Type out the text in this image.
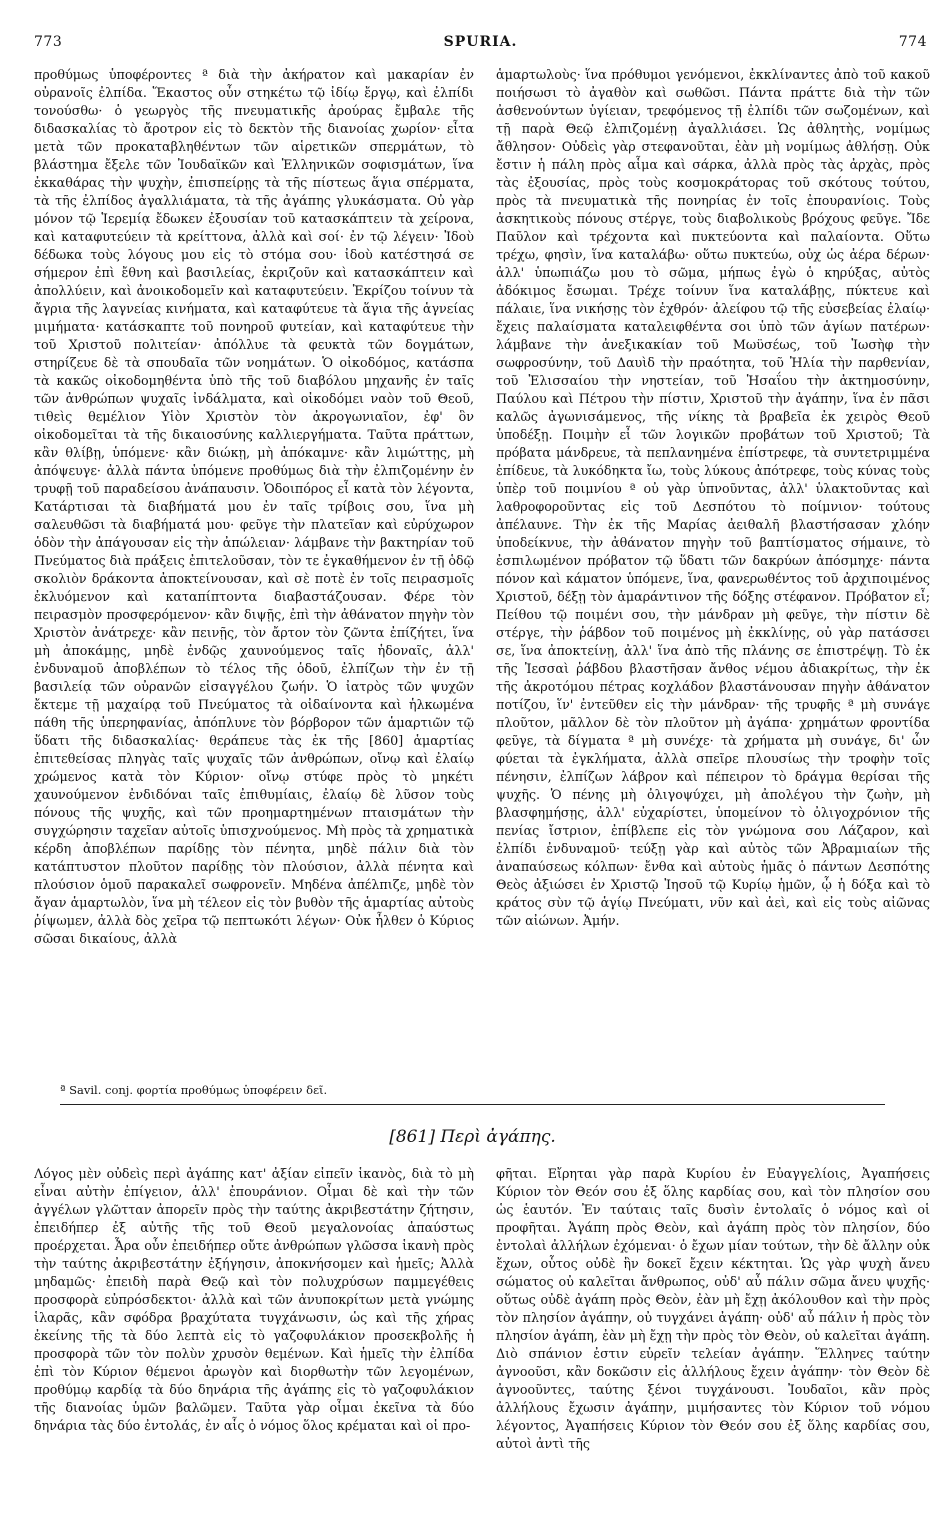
773	SPURIA.	774
προθύμως ὑποφέροντες ª διὰ τὴν ἀκήρατον καὶ μακαρίαν ἐν οὐρανοῖς ἐλπίδα. Ἕκαστος οὖν στηκέτω τῷ ἰδίῳ ἔργῳ, καὶ ἐλπίδι τονούσθω· ὁ γεωργὸς τῆς πνευματικῆς ἀρούρας ἔμβαλε τῆς διδασκαλίας τὸ ἄροτρον εἰς τὸ δεκτὸν τῆς διανοίας χωρίον· εἶτα μετὰ τῶν προκαταβληθέντων τῶν αἱρετικῶν σπερμάτων, τὸ βλάστημα ἔξελε τῶν Ἰουδαϊκῶν καὶ Ἑλληνικῶν σοφισμάτων, ἵνα ἐκκαθάρας τὴν ψυχὴν, ἐπισπείρῃς τὰ τῆς πίστεως ἅγια σπέρματα, τὰ τῆς ἐλπίδος ἀγαλλιάματα, τὰ τῆς ἀγάπης γλυκάσματα. Οὐ γὰρ μόνον τῷ Ἱερεμίᾳ ἔδωκεν ἐξουσίαν τοῦ κατασκάπτειν τὰ χείρονα, καὶ καταφυτεύειν τὰ κρείττονα, ἀλλὰ καὶ σοί· ἐν τῷ λέγειν· Ἰδοὺ δέδωκα τοὺς λόγους μου εἰς τὸ στόμα σου· ἰδοὺ κατέστησά σε σήμερον ἐπὶ ἔθνη καὶ βασιλείας, ἐκριζοῦν καὶ κατασκάπτειν καὶ ἀπολλύειν, καὶ ἀνοικοδομεῖν καὶ καταφυτεύειν. Ἐκρίζου τοίνυν τὰ ἄγρια τῆς λαγνείας κινήματα, καὶ καταφύτευε τὰ ἅγια τῆς ἁγνείας μιμήματα· κατάσκαπτε τοῦ πονηροῦ φυτείαν, καὶ καταφύτευε τὴν τοῦ Χριστοῦ πολιτείαν· ἀπόλλυε τὰ φευκτὰ τῶν δογμάτων, στηρίζευε δὲ τὰ σπουδαῖα τῶν νοημάτων. Ὁ οἰκοδόμος, κατάσπα τὰ κακῶς οἰκοδομηθέντα ὑπὸ τῆς τοῦ διαβόλου μηχανῆς ἐν ταῖς τῶν ἀνθρώπων ψυχαῖς ἰνδάλματα, καὶ οἰκοδόμει ναὸν τοῦ Θεοῦ, τιθεὶς θεμέλιον Υἱὸν Χριστὸν τὸν ἀκρογωνιαῖον, ἐφ' ὃν οἰκοδομεῖται τὰ τῆς δικαιοσύνης καλλιεργήματα. Ταῦτα πράττων, κἂν θλίβῃ, ὑπόμενε· κἂν διώκῃ, μὴ ἀπόκαμνε· κἂν λιμώττῃς, μὴ ἀπόψευγε· ἀλλὰ πάντα ὑπόμενε προθύμως διὰ τὴν ἐλπιζομένην ἐν τρυφῇ τοῦ παραδείσου ἀνάπαυσιν. Ὁδοιπόρος εἶ κατὰ τὸν λέγοντα, Κατάρτισαι τὰ διαβήματά μου ἐν ταῖς τρίβοις σου, ἵνα μὴ σαλευθῶσι τὰ διαβήματά μου· φεῦγε τὴν πλατεῖαν καὶ εὐρύχωρον ὁδὸν τὴν ἀπάγουσαν εἰς τὴν ἀπώλειαν· λάμβανε τὴν βακτηρίαν τοῦ Πνεύματος διὰ πράξεις ἐπιτελοῦσαν, τὸν τε ἐγκαθήμενον ἐν τῇ ὁδῷ σκολιὸν δράκοντα ἀποκτείνουσαν, καὶ σὲ ποτὲ ἐν τοῖς πειρασμοῖς ἐκλυόμενον καὶ καταπίπτοντα διαβαστάζουσαν. Φέρε τὸν πειρασμὸν προσφερόμενον· κἂν διψῇς, ἐπὶ τὴν ἀθάνατον πηγὴν τὸν Χριστὸν ἀνάτρεχε· κἂν πεινῇς, τὸν ἄρτον τὸν ζῶντα ἐπίζήτει, ἵνα μὴ ἀποκάμῃς, μηδὲ ἐνδῷς χαυνούμενος ταῖς ἡδοναῖς, ἀλλ' ἐνδυναμοῦ ἀποβλέπων τὸ τέλος τῆς ὁδοῦ, ἐλπίζων τὴν ἐν τῇ βασιλείᾳ τῶν οὐρανῶν εἰσαγγέλου ζωήν. Ὁ ἰατρὸς τῶν ψυχῶν ἔκτεμε τῇ μαχαίρᾳ τοῦ Πνεύματος τὰ οἰδαίνοντα καὶ ἡλκωμένα πάθη τῆς ὑπερηφανίας, ἀπόπλυνε τὸν βόρβορον τῶν ἁμαρτιῶν τῷ ὕδατι τῆς διδασκαλίας· θεράπευε τὰς ἐκ τῆς [860] ἁμαρτίας ἐπιτεθείσας πληγὰς ταῖς ψυχαῖς τῶν ἀνθρώπων, οἴνῳ καὶ ἐλαίῳ χρώμενος κατὰ τὸν Κύριον· οἴνῳ στύφε πρὸς τὸ μηκέτι χαυνούμενον ἐνδιδόναι ταῖς ἐπιθυμίαις, ἐλαίῳ δὲ λῦσον τοὺς πόνους τῆς ψυχῆς, καὶ τῶν προημαρτημένων πταισμάτων τὴν συγχώρησιν ταχεῖαν αὐτοῖς ὑπισχνούμενος. Μὴ πρὸς τὰ χρηματικὰ κέρδη ἀποβλέπων παρίδῃς τὸν πένητα, μηδὲ πάλιν διὰ τὸν κατάπτυστον πλοῦτον παρίδῃς τὸν πλούσιον, ἀλλὰ πένητα καὶ πλούσιον ὁμοῦ παρακαλεῖ σωφρονεῖν. Μηδένα ἀπέλπιζε, μηδὲ τὸν ἄγαν ἁμαρτωλὸν, ἵνα μὴ τέλεον εἰς τὸν βυθὸν τῆς ἁμαρτίας αὐτοὺς ῥίψωμεν, ἀλλὰ δὸς χεῖρα τῷ πεπτωκότι λέγων· Οὐκ ἦλθεν ὁ Κύριος σῶσαι δικαίους, ἀλλὰ
ἁμαρτωλοὺς· ἵνα πρόθυμοι γενόμενοι, ἐκκλίναντες ἀπὸ τοῦ κακοῦ ποιήσωσι τὸ ἀγαθὸν καὶ σωθῶσι. Πάντα πράττε διὰ τὴν τῶν ἀσθενούντων ὑγίειαν, τρεφόμενος τῇ ἐλπίδι τῶν σωζομένων, καὶ τῇ παρὰ Θεῷ ἐλπιζομένῃ ἀγαλλιάσει. Ὡς ἀθλητὴς, νομίμως ἄθλησον· Οὐδεὶς γὰρ στεφανοῦται, ἐὰν μὴ νομίμως ἀθλήσῃ. Οὐκ ἔστιν ἡ πάλη πρὸς αἷμα καὶ σάρκα, ἀλλὰ πρὸς τὰς ἀρχὰς, πρὸς τὰς ἐξουσίας, πρὸς τοὺς κοσμοκράτορας τοῦ σκότους τούτου, πρὸς τὰ πνευματικὰ τῆς πονηρίας ἐν τοῖς ἐπουρανίοις. Τοὺς ἀσκητικοὺς πόνους στέργε, τοὺς διαβολικοὺς βρόχους φεῦγε. Ἴδε Παῦλον καὶ τρέχοντα καὶ πυκτεύοντα καὶ παλαίοντα. Οὕτω τρέχω, φησὶν, ἵνα καταλάβω· οὕτω πυκτεύω, οὐχ ὡς ἀέρα δέρων· ἀλλ' ὑπωπιάζω μου τὸ σῶμα, μήπως ἐγὼ ὁ κηρύξας, αὐτὸς ἀδόκιμος ἔσωμαι. Τρέχε τοίνυν ἵνα καταλάβῃς, πύκτευε καὶ πάλαιε, ἵνα νικήσῃς τὸν ἐχθρόν· ἀλείφου τῷ τῆς εὐσεβείας ἐλαίῳ· ἔχεις παλαίσματα καταλειφθέντα σοι ὑπὸ τῶν ἁγίων πατέρων· λάμβανε τὴν ἀνεξικακίαν τοῦ Μωϋσέως, τοῦ Ἰωσὴφ τὴν σωφροσύνην, τοῦ Δαυὶδ τὴν πραότητα, τοῦ Ἠλία τὴν παρθενίαν, τοῦ Ἐλισσαίου τὴν νηστείαν, τοῦ Ἡσαΐου τὴν ἀκτημοσύνην, Παύλου καὶ Πέτρου τὴν πίστιν, Χριστοῦ τὴν ἀγάπην, ἵνα ἐν πᾶσι καλῶς ἀγωνισάμενος, τῆς νίκης τὰ βραβεῖα ἐκ χειρὸς Θεοῦ ὑποδέξῃ. Ποιμὴν εἶ τῶν λογικῶν προβάτων τοῦ Χριστοῦ; Τὰ πρόβατα μάνδρευε, τὰ πεπλανημένα ἐπίστρεφε, τὰ συντετριμμένα ἐπίδευε, τὰ λυκόδηκτα ἴω, τοὺς λύκους ἀπότρεφε, τοὺς κύνας τοὺς ὑπὲρ τοῦ ποιμνίου ª οὐ γὰρ ὑπνοῦντας, ἀλλ' ὑλακτοῦντας καὶ λαθροφοροῦντας εἰς τοῦ Δεσπότου τὸ ποίμνιον· τούτους ἀπέλαυνε. Τὴν ἐκ τῆς Μαρίας ἀειθαλῆ βλαστήσασαν χλόην ὑποδείκνυε, τὴν ἀθάνατον πηγὴν τοῦ βαπτίσματος σήμαινε, τὸ ἐσπιλωμένον πρόβατον τῷ ὕδατι τῶν δακρύων ἀπόσμηχε· πάντα πόνον καὶ κάματον ὑπόμενε, ἵνα, φανερωθέντος τοῦ ἀρχιποιμένος Χριστοῦ, δέξῃ τὸν ἀμαράντινον τῆς δόξης στέφανον. Πρόβατον εἶ; Πείθου τῷ ποιμένι σου, τὴν μάνδραν μὴ φεῦγε, τὴν πίστιν δὲ στέργε, τὴν ῥάβδον τοῦ ποιμένος μὴ ἐκκλίνῃς, οὐ γὰρ πατάσσει σε, ἵνα ἀποκτείνῃ, ἀλλ' ἵνα ἀπὸ τῆς πλάνης σε ἐπιστρέψῃ. Τὸ ἐκ τῆς Ἰεσσαὶ ῥάβδου βλαστῆσαν ἄνθος νέμου ἀδιακρίτως, τὴν ἐκ τῆς ἀκροτόμου πέτρας κοχλάδον βλαστάνουσαν πηγὴν ἀθάνατον ποτίζου, ἵν' ἐντεῦθεν εἰς τὴν μάνδραν· τῆς τρυφῆς ª μὴ συνάγε πλοῦτον, μᾶλλον δὲ τὸν πλοῦτον μὴ ἀγάπα· χρημάτων φροντίδα φεῦγε, τὰ δίγματα ª μὴ συνέχε· τὰ χρήματα μὴ συνάγε, δι' ὧν φύεται τὰ ἐγκλήματα, ἀλλὰ σπεῖρε πλουσίως τὴν τροφὴν τοῖς πένησιν, ἐλπίζων λάβρον καὶ πέπειρον τὸ δράγμα θερίσαι τῆς ψυχῆς. Ὁ πένης μὴ ὀλιγοψύχει, μὴ ἀπολέγου τὴν ζωὴν, μὴ βλασφημήσῃς, ἀλλ' εὐχαρίστει, ὑπομείνον τὸ ὀλιγοχρόνιον τῆς πενίας ἴστριον, ἐπίβλεπε εἰς τὸν γνώμονα σου Λάζαρον, καὶ ἐλπίδι ἐνδυναμοῦ· τεύξῃ γὰρ καὶ αὐτὸς τῶν Ἀβραμιαίων τῆς ἀναπαύσεως κόλπων· ἔνθα καὶ αὐτοὺς ἡμᾶς ὁ πάντων Δεσπότης Θεὸς ἀξιώσει ἐν Χριστῷ Ἰησοῦ τῷ Κυρίῳ ἡμῶν, ᾧ ἡ δόξα καὶ τὸ κράτος σὺν τῷ ἁγίῳ Πνεύματι, νῦν καὶ ἀεὶ, καὶ εἰς τοὺς αἰῶνας τῶν αἰώνων. Ἀμήν.
ª Savil. conj. φορτία προθύμως ὑποφέρειν δεῖ.
[861] Περὶ ἀγάπης.
Λόγος μὲν οὐδεὶς περὶ ἀγάπης κατ' ἀξίαν εἰπεῖν ἱκανὸς, διὰ τὸ μὴ εἶναι αὐτὴν ἐπίγειον, ἀλλ' ἐπουράνιον. Οἶμαι δὲ καὶ τὴν τῶν ἀγγέλων γλῶτταν ἀπορεῖν πρὸς τὴν ταύτης ἀκριβεστάτην ζήτησιν, ἐπειδήπερ ἐξ αὐτῆς τῆς τοῦ Θεοῦ μεγαλονοίας ἀπαύστως προέρχεται. Ἆρα οὖν ἐπειδήπερ οὔτε ἀνθρώπων γλῶσσα ἱκανὴ πρὸς τὴν ταύτης ἀκριβεστάτην ἐξήγησιν, ἀποκνήσομεν καὶ ἡμεῖς; Ἀλλὰ μηδαμῶς· ἐπειδὴ παρὰ Θεῷ καὶ τὸν πολυχρύσων παμμεγέθεις προσφορὰ εὐπρόσδεκτοι· ἀλλὰ καὶ τῶν ἀνυποκρίτων μετὰ γνώμης ἱλαρᾶς, κἂν σφόδρα βραχύτατα τυγχάνωσιν, ὡς καὶ τῆς χήρας ἐκείνης τῆς τὰ δύο λεπτὰ εἰς τὸ γαζοφυλάκιον προσεκβολῆς ἡ προσφορὰ τῶν τὸν πολὺν χρυσὸν θεμένων. Καὶ ἡμεῖς τὴν ἐλπίδα ἐπὶ τὸν Κύριον θέμενοι ἀρωγὸν καὶ διορθωτὴν τῶν λεγομένων, προθύμῳ καρδίᾳ τὰ δύο δηνάρια τῆς ἀγάπης εἰς τὸ γαζοφυλάκιον τῆς διανοίας ὑμῶν βαλῶμεν. Ταῦτα γὰρ οἶμαι ἐκεῖνα τὰ δύο δηνάρια τὰς δύο ἐντολάς, ἐν αἷς ὁ νόμος ὅλος κρέμαται καὶ οἱ προ-
φῆται. Εἴρηται γὰρ παρὰ Κυρίου ἐν Εὐαγγελίοις, Ἀγαπήσεις Κύριον τὸν Θεόν σου ἐξ ὅλης καρδίας σου, καὶ τὸν πλησίον σου ὡς ἑαυτόν. Ἐν ταύταις ταῖς δυσὶν ἐντολαῖς ὁ νόμος καὶ οἱ προφῆται. Ἀγάπη πρὸς Θεὸν, καὶ ἀγάπη πρὸς τὸν πλησίον, δύο ἐντολαὶ ἀλλήλων ἐχόμεναι· ὁ ἔχων μίαν τούτων, τὴν δὲ ἄλλην οὐκ ἔχων, οὗτος οὐδὲ ἣν δοκεῖ ἔχειν κέκτηται. Ὡς γὰρ ψυχὴ ἄνευ σώματος οὐ καλεῖται ἄνθρωπος, οὐδ' αὖ πάλιν σῶμα ἄνευ ψυχῆς· οὕτως οὐδὲ ἀγάπη πρὸς Θεὸν, ἐὰν μὴ ἔχῃ ἀκόλουθον καὶ τὴν πρὸς τὸν πλησίον ἀγάπην, οὐ τυγχάνει ἀγάπη· οὐδ' αὖ πάλιν ἡ πρὸς τὸν πλησίον ἀγάπη, ἐὰν μὴ ἔχῃ τὴν πρὸς τὸν Θεὸν, οὐ καλεῖται ἀγάπη. Διὸ σπάνιον ἐστιν εὑρεῖν τελείαν ἀγάπην. Ἕλληνες ταύτην ἀγνοοῦσι, κἂν δοκῶσιν εἰς ἀλλήλους ἔχειν ἀγάπην· τὸν Θεὸν δὲ ἀγνοοῦντες, ταύτης ξένοι τυγχάνουσι. Ἰουδαῖοι, κἂν πρὸς ἀλλήλους ἔχωσιν ἀγάπην, μιμήσαντες τὸν Κύριον τοῦ νόμου λέγοντος, Ἀγαπήσεις Κύριον τὸν Θεόν σου ἐξ ὅλης καρδίας σου, αὐτοὶ ἀντὶ τῆς
